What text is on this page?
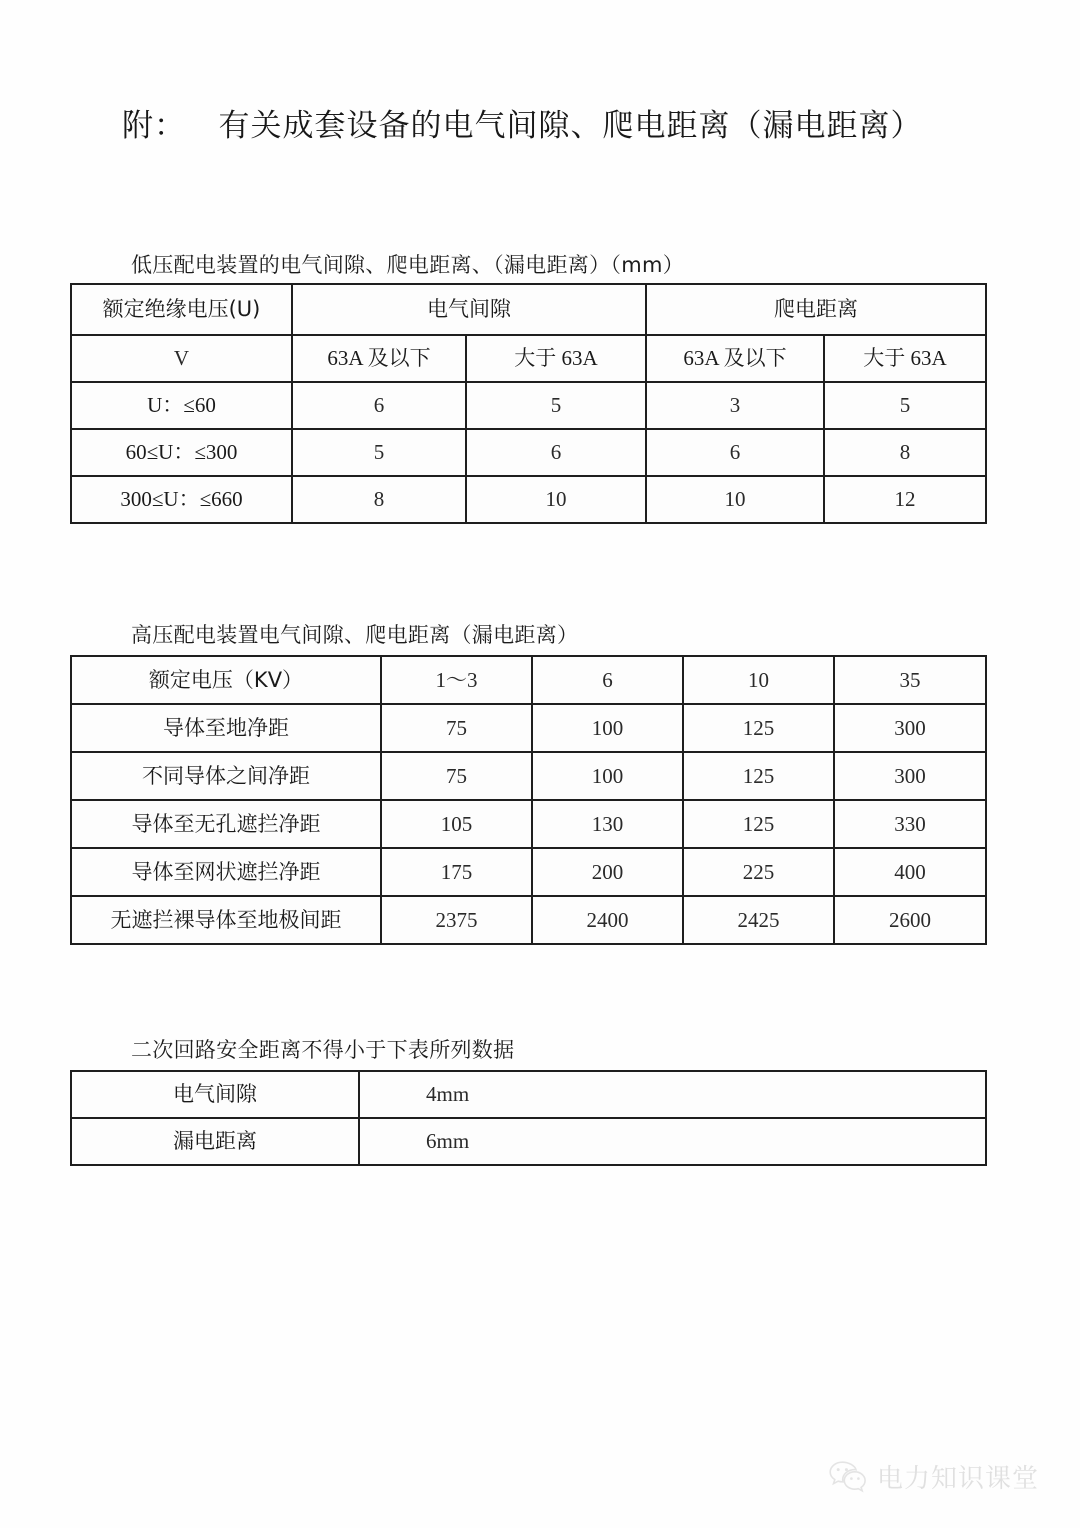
附：   有关成套设备的电气间隙、爬电距离（漏电距离）
低压配电装置的电气间隙、爬电距离、（漏电距离）（mm）
额定绝缘电压(U)	电气间隙		爬电距离	
V	63A 及以下	大于 63A	63A 及以下	大于 63A
U：≤60	6	5	3	5
60≤U：≤300	5	6	6	8
300≤U：≤660	8	10	10	12
高压配电装置电气间隙、爬电距离（漏电距离）
额定电压（KV）	1～3	6	10	35
导体至地净距	75	100	125	300
不同导体之间净距	75	100	125	300
导体至无孔遮拦净距	105	130	125	330
导体至网状遮拦净距	175	200	225	400
无遮拦裸导体至地极间距	2375	2400	2425	2600
二次回路安全距离不得小于下表所列数据
电气间隙	4mm
漏电距离	6mm
电力知识课堂
